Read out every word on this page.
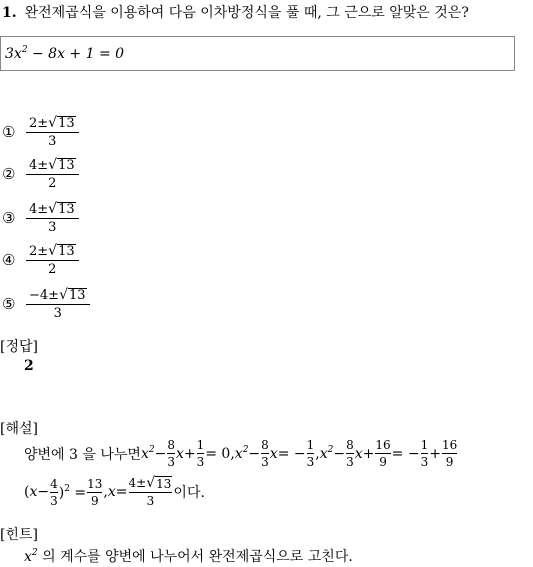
1. 완전제곱식을 이용하여 다음 이차방정식을 풀 때, 그 근으로 알맞은 것은?
$3x^2 - 8x + 1 = 0$
① $\frac{2\pm √ 13}{3}$
② $\frac{4\pm √ 13}{2}$
③ $\frac{4\pm √ 13}{3}$
④ $\frac{2\pm √ 13}{2}$
⑤ $\frac{-4\pm √ 13}{3}$
[정답]
2
[해설]
양변에 3 을 나누면 $x^2-$
8
3
x +
1
3
= 0, $x^2-$
8
3
x = −
1
3
, $x^2-$
8
3
x +
16
9
= −
1
3
+
16
9
( x −
4
3 )$^2$ =
13
9
, x =
4± √ 13
3 이다.
[힌트]
$x^2$ 의 계수를 양변에 나누어서 완전제곱식으로 고친다.
